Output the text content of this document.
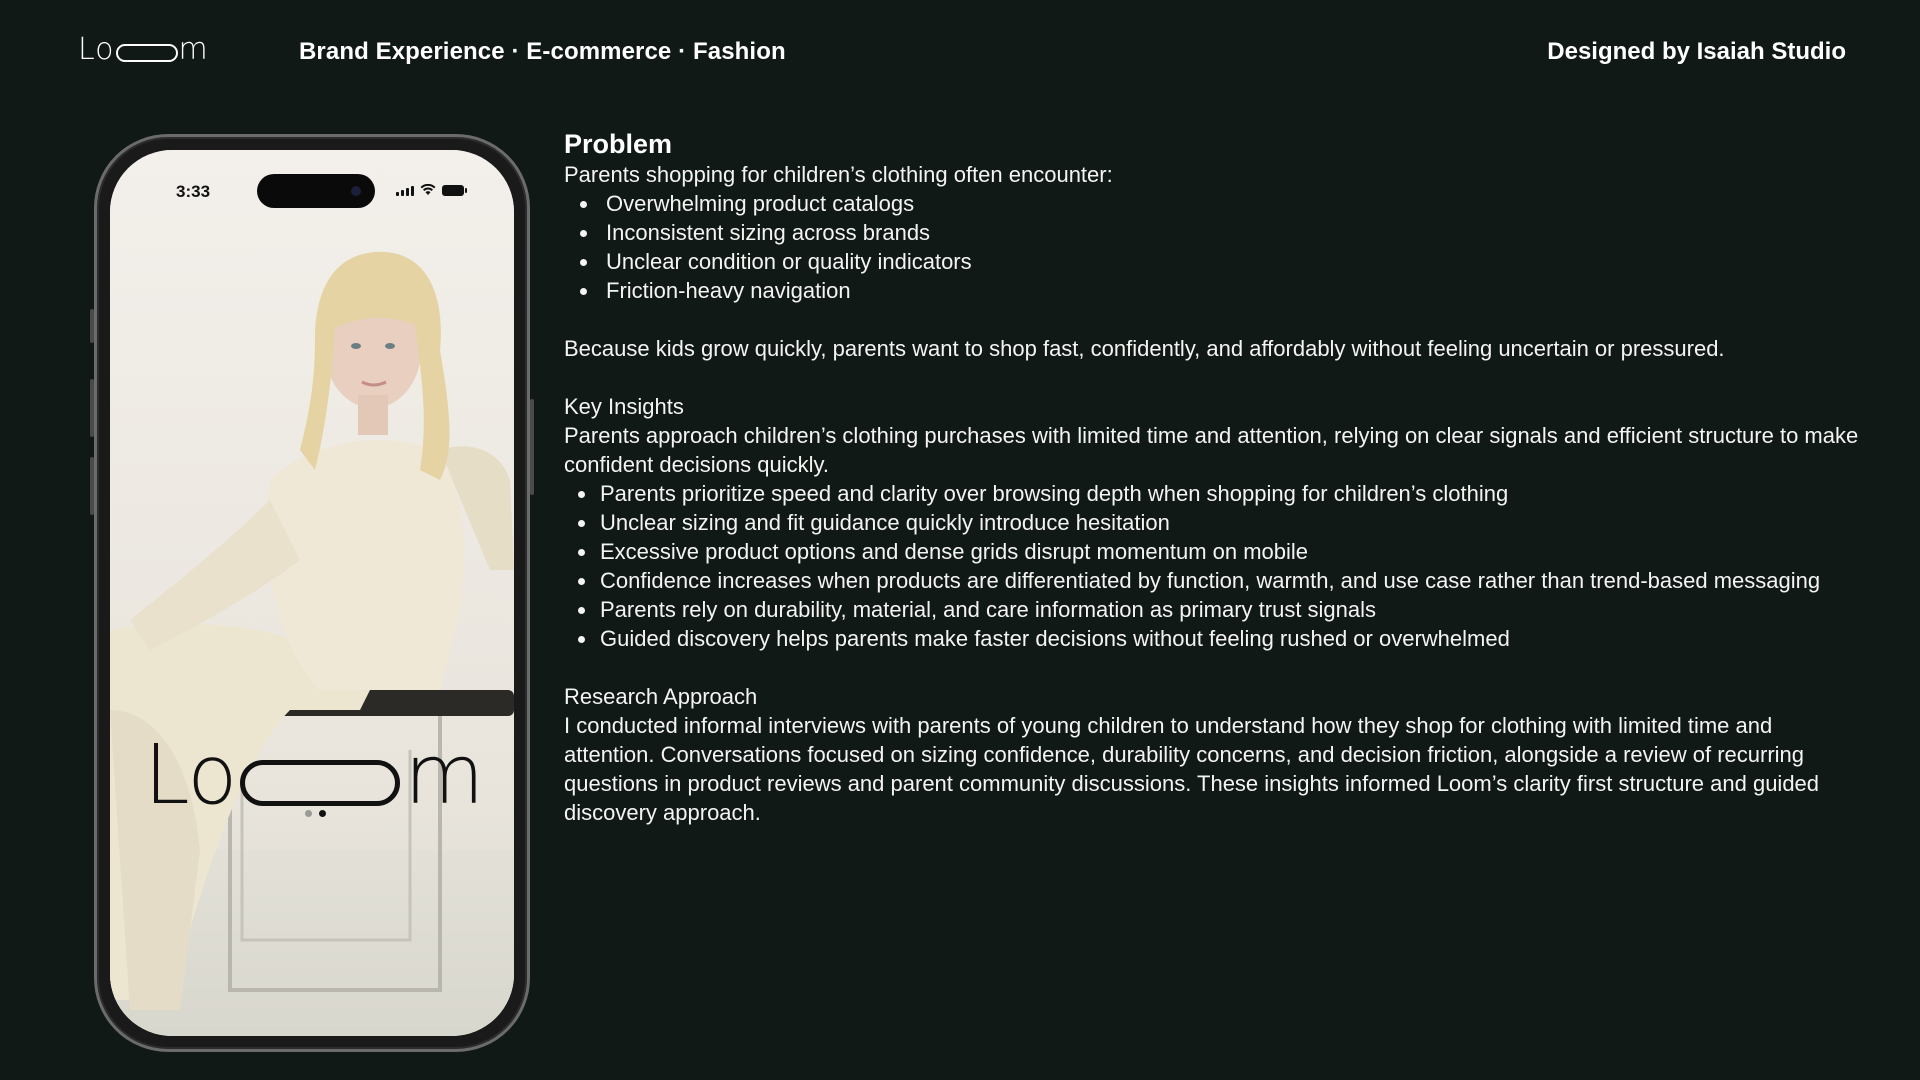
Lo m	Brand Experience · E-commerce · Fashion	Designed by Isaiah Studio
3:33
Lo m
Problem

Parents shopping for children’s clothing often encounter:

Overwhelming product catalogs
Inconsistent sizing across brands
Unclear condition or quality indicators
Friction-heavy navigation

Because kids grow quickly, parents want to shop fast, confidently, and affordably without feeling uncertain or pressured.

Key Insights

Parents approach children’s clothing purchases with limited time and attention, relying on clear signals and efficient structure to make confident decisions quickly.

Parents prioritize speed and clarity over browsing depth when shopping for children’s clothing
Unclear sizing and fit guidance quickly introduce hesitation
Excessive product options and dense grids disrupt momentum on mobile
Confidence increases when products are differentiated by function, warmth, and use case rather than trend-based messaging
Parents rely on durability, material, and care information as primary trust signals
Guided discovery helps parents make faster decisions without feeling rushed or overwhelmed

Research Approach

I conducted informal interviews with parents of young children to understand how they shop for clothing with limited time and attention. Conversations focused on sizing confidence, durability concerns, and decision friction, alongside a review of recurring questions in product reviews and parent community discussions. These insights informed Loom’s clarity first structure and guided discovery approach.
